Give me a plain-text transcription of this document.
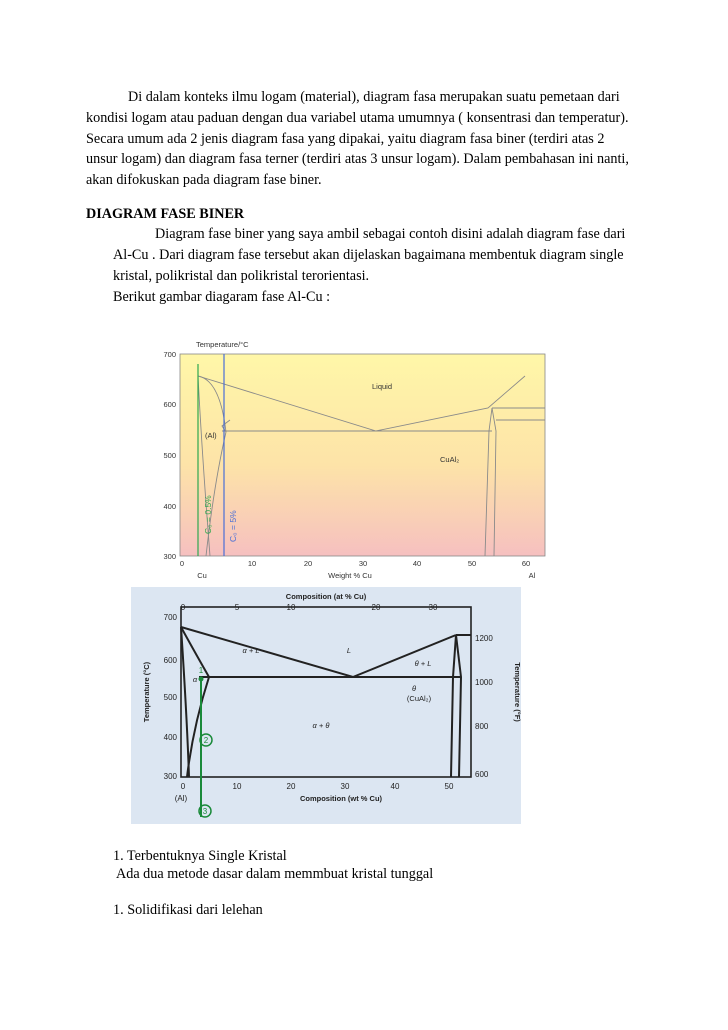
Di dalam konteks ilmu logam (material), diagram fasa merupakan suatu pemetaan dari kondisi logam atau paduan dengan dua variabel utama umumnya ( konsentrasi dan temperatur). Secara umum ada 2 jenis diagram fasa yang dipakai, yaitu diagram fasa biner (terdiri atas 2 unsur logam) dan diagram fasa terner (terdiri atas 3 unsur logam). Dalam pembahasan ini nanti, akan difokuskan pada diagram fase biner.

DIAGRAM FASE BINER

Diagram fase biner yang saya ambil sebagai contoh disini adalah diagram fase dari Al-Cu . Dari diagram fase tersebut akan dijelaskan bagaimana membentuk diagram single kristal, polikristal dan polikristal terorientasi.

Berikut gambar diagaram fase Al-Cu :

Temperature/°C
700
600
500
400
300
0	10	20	30	40	50	60
Cu	Weight % Cu	Al
Liquid
(Al)
CuAl₂
C₀ = 0.5% C₀ = 5%
Composition (at % Cu)
0	5	10	20	30
700
600
500
400
300
Temperature (°C)
1200
1000
800
600
Temperature (°F)
0	10	20	30	40	50
(Al)	Composition (wt % Cu)
1
2
3
α + L	L
θ + L
θ
(CuAl₂)
α
α + θ

1. Terbentuknya Single Kristal

Ada dua metode dasar dalam memmbuat kristal tunggal

1. Solidifikasi dari lelehan
